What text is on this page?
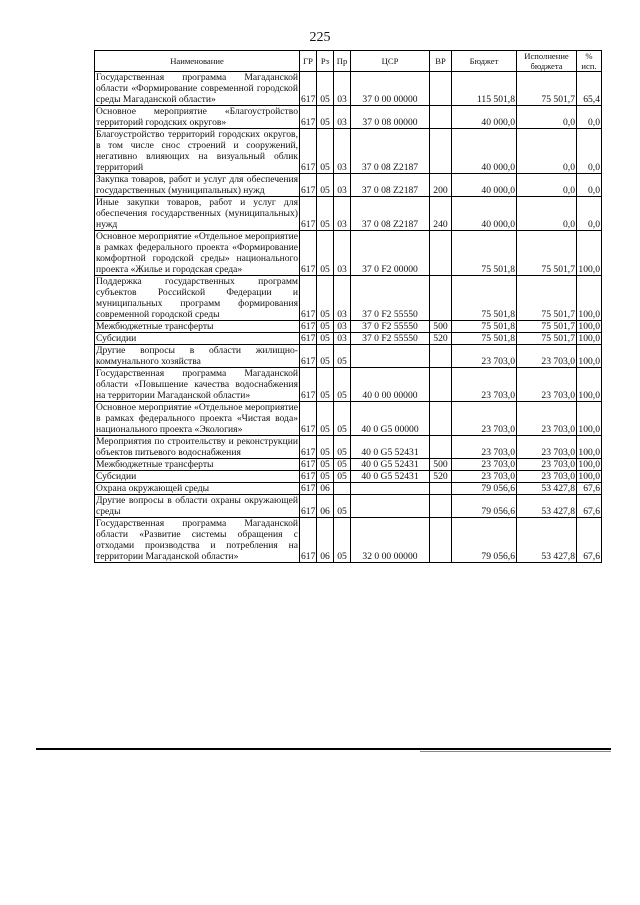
225
Наименование	ГР	Рз	Пр	ЦСР	ВР	Бюджет	Исполнение бюджета	% исп.
Государственная программа Магаданской области «Формирование современной городской среды Магаданской области»	617	05	03	37 0 00 00000		115 501,8	75 501,7	65,4
Основное мероприятие «Благоустройство территорий городских округов»	617	05	03	37 0 08 00000		40 000,0	0,0	0,0
Благоустройство территорий городских округов, в том числе снос строений и сооружений, негативно влияющих на визуальный облик территорий	617	05	03	37 0 08 Z2187		40 000,0	0,0	0,0
Закупка товаров, работ и услуг для обеспечения государственных (муниципальных) нужд	617	05	03	37 0 08 Z2187	200	40 000,0	0,0	0,0
Иные закупки товаров, работ и услуг для обеспечения государственных (муниципальных) нужд	617	05	03	37 0 08 Z2187	240	40 000,0	0,0	0,0
Основное мероприятие «Отдельное мероприятие в рамках федерального проекта «Формирование комфортной городской среды» национального проекта «Жилье и городская среда»	617	05	03	37 0 F2 00000		75 501,8	75 501,7	100,0
Поддержка государственных программ субъектов Российской Федерации и муниципальных программ формирования современной городской среды	617	05	03	37 0 F2 55550		75 501,8	75 501,7	100,0
Межбюджетные трансферты	617	05	03	37 0 F2 55550	500	75 501,8	75 501,7	100,0
Субсидии	617	05	03	37 0 F2 55550	520	75 501,8	75 501,7	100,0
Другие вопросы в области жилищно-коммунального хозяйства	617	05	05			23 703,0	23 703,0	100,0
Государственная программа Магаданской области «Повышение качества водоснабжения на территории Магаданской области»	617	05	05	40 0 00 00000		23 703,0	23 703,0	100,0
Основное мероприятие «Отдельное мероприятие в рамках федерального проекта «Чистая вода» национального проекта «Экология»	617	05	05	40 0 G5 00000		23 703,0	23 703,0	100,0
Мероприятия по строительству и реконструкции объектов питьевого водоснабжения	617	05	05	40 0 G5 52431		23 703,0	23 703,0	100,0
Межбюджетные трансферты	617	05	05	40 0 G5 52431	500	23 703,0	23 703,0	100,0
Субсидии	617	05	05	40 0 G5 52431	520	23 703,0	23 703,0	100,0
Охрана окружающей среды	617	06				79 056,6	53 427,8	67,6
Другие вопросы в области охраны окружающей среды	617	06	05			79 056,6	53 427,8	67,6
Государственная программа Магаданской области «Развитие системы обращения с отходами производства и потребления на территории Магаданской области»	617	06	05	32 0 00 00000		79 056,6	53 427,8	67,6
